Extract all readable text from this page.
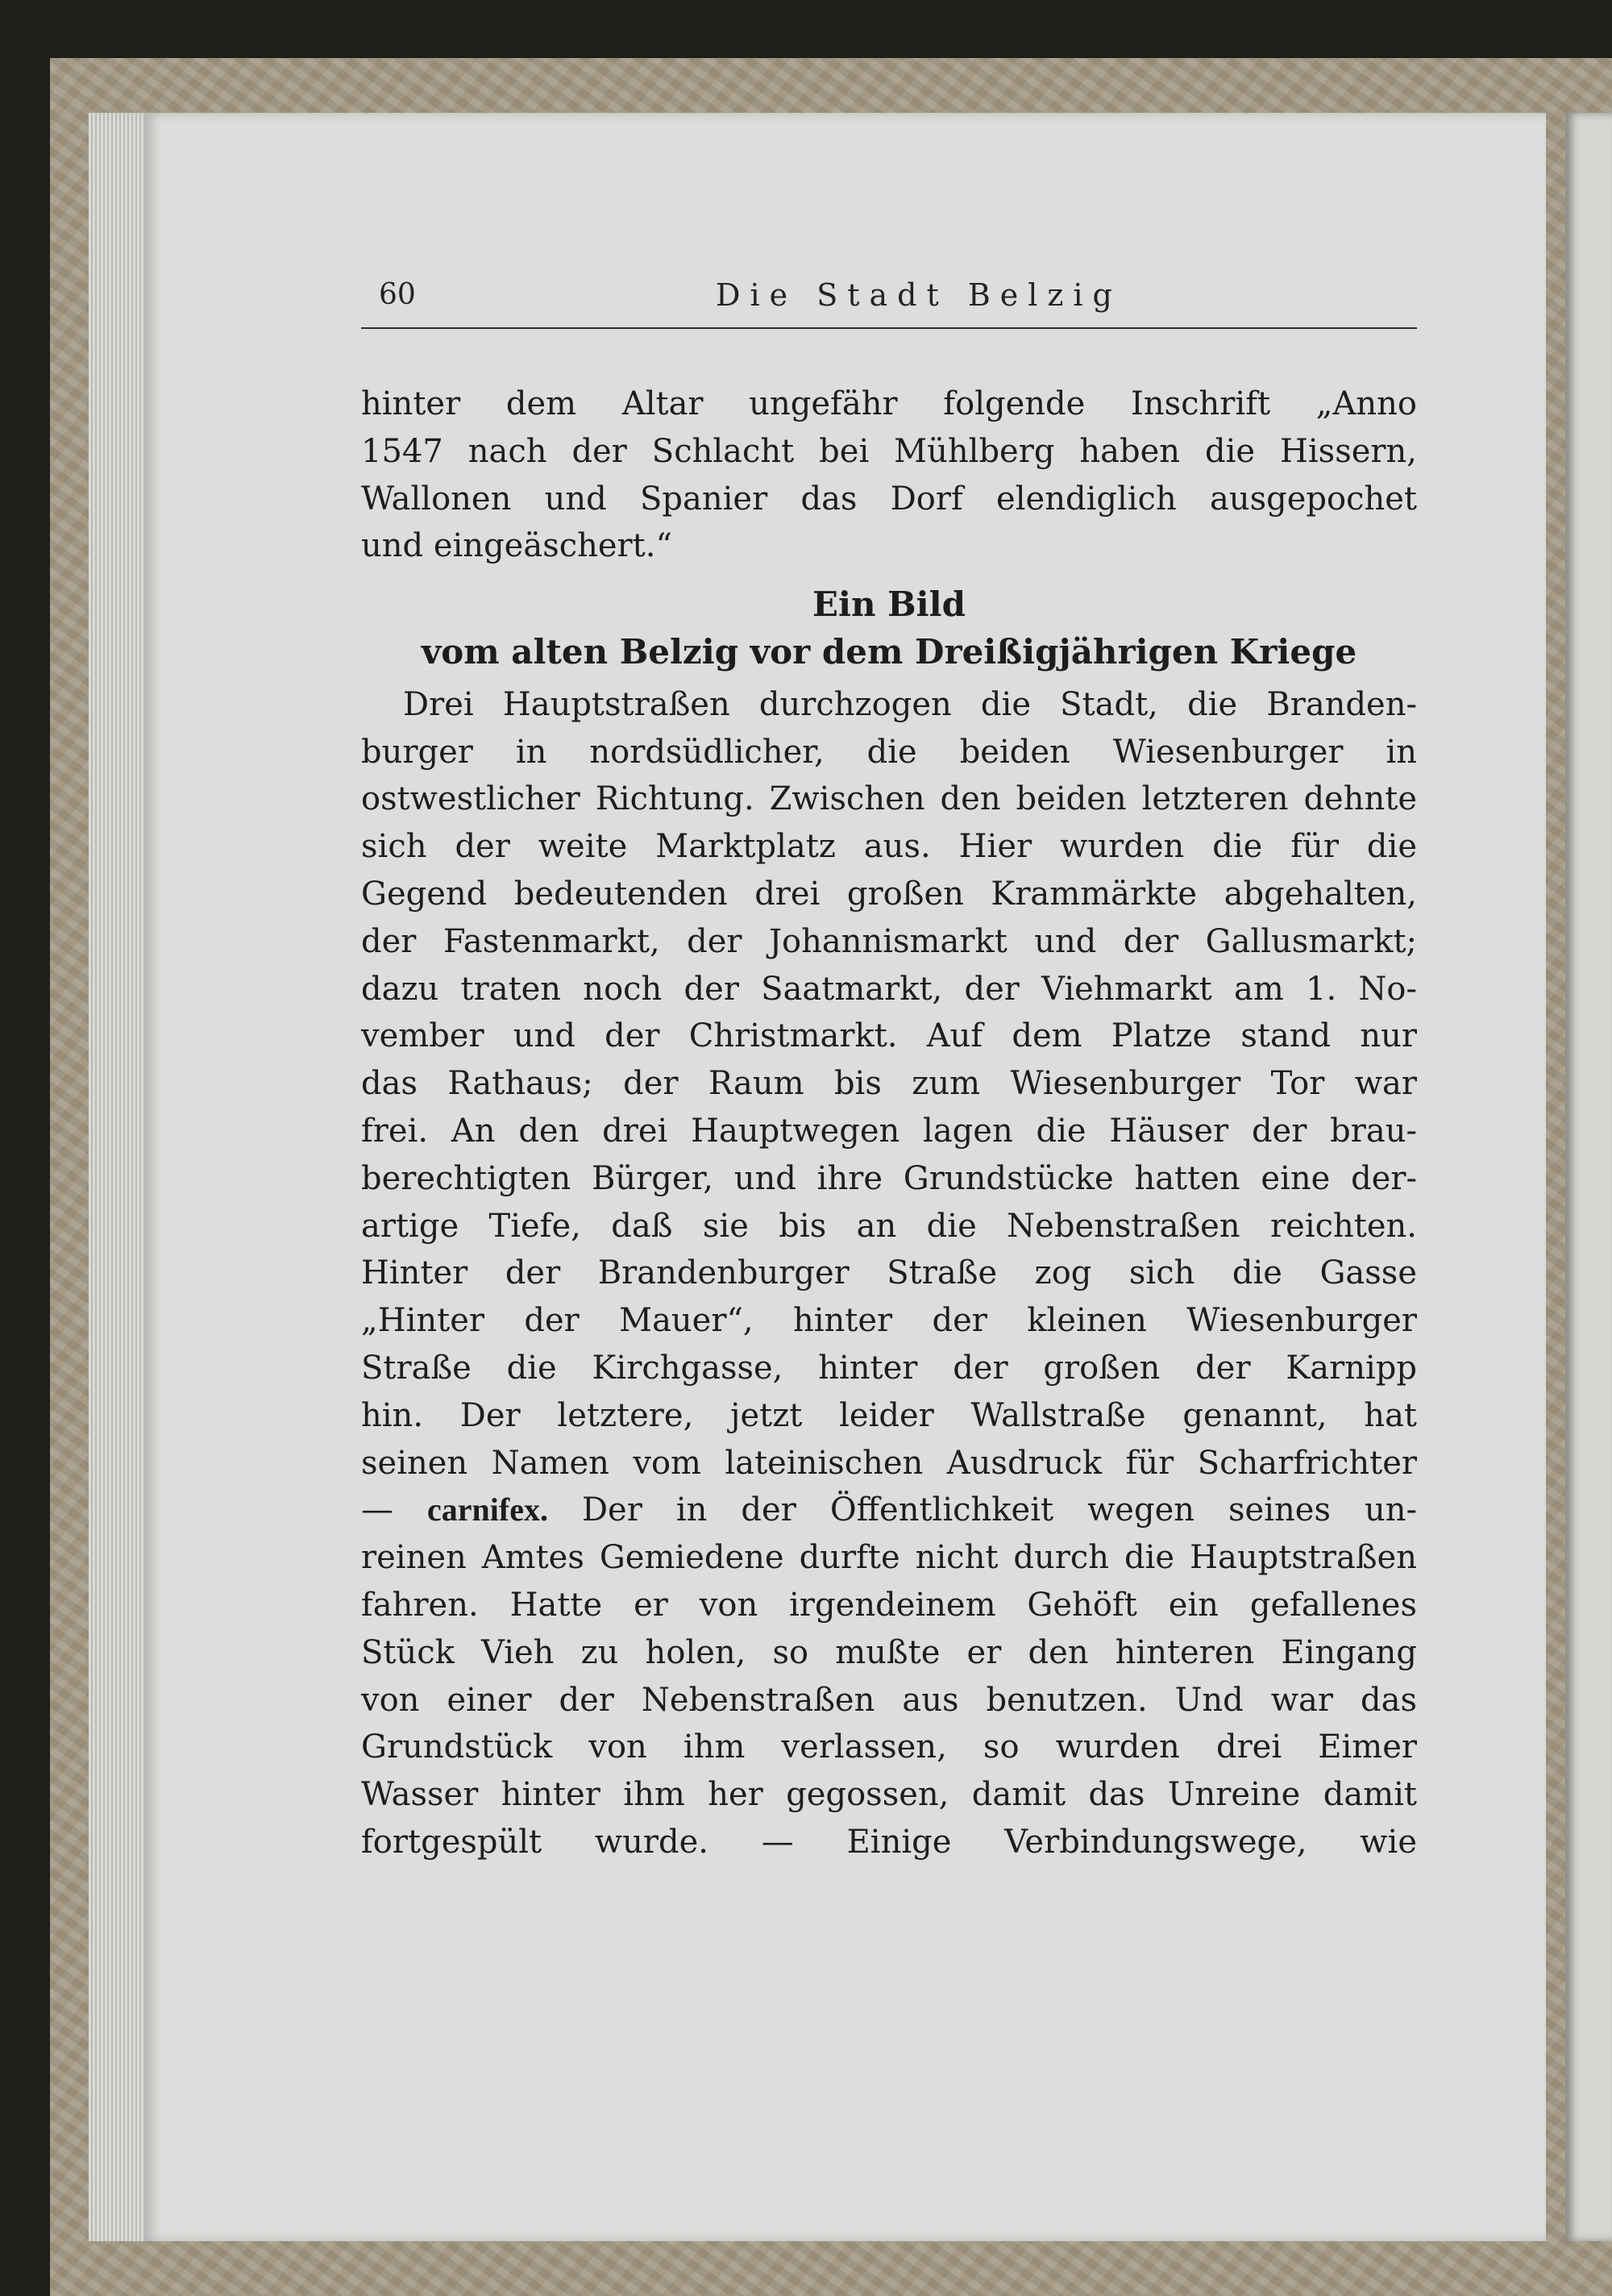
60	Die Stadt Belzig
hinter dem Altar ungefähr folgende Inschrift „Anno
1547 nach der Schlacht bei Mühlberg haben die Hissern,
Wallonen und Spanier das Dorf elendiglich ausgepochet
und eingeäschert.“
Ein Bild
vom alten Belzig vor dem Dreißigjährigen Kriege
Drei Hauptstraßen durchzogen die Stadt, die Branden-
burger in nordsüdlicher, die beiden Wiesenburger in
ostwestlicher Richtung. Zwischen den beiden letzteren dehnte
sich der weite Marktplatz aus. Hier wurden die für die
Gegend bedeutenden drei großen Krammärkte abgehalten,
der Fastenmarkt, der Johannismarkt und der Gallusmarkt;
dazu traten noch der Saatmarkt, der Viehmarkt am 1. No-
vember und der Christmarkt. Auf dem Platze stand nur
das Rathaus; der Raum bis zum Wiesenburger Tor war
frei. An den drei Hauptwegen lagen die Häuser der brau-
berechtigten Bürger, und ihre Grundstücke hatten eine der-
artige Tiefe, daß sie bis an die Nebenstraßen reichten.
Hinter der Brandenburger Straße zog sich die Gasse
„Hinter der Mauer“, hinter der kleinen Wiesenburger
Straße die Kirchgasse, hinter der großen der Karnipp
hin. Der letztere, jetzt leider Wallstraße genannt, hat
seinen Namen vom lateinischen Ausdruck für Scharfrichter
— carnifex. Der in der Öffentlichkeit wegen seines un-
reinen Amtes Gemiedene durfte nicht durch die Hauptstraßen
fahren. Hatte er von irgendeinem Gehöft ein gefallenes
Stück Vieh zu holen, so mußte er den hinteren Eingang
von einer der Nebenstraßen aus benutzen. Und war das
Grundstück von ihm verlassen, so wurden drei Eimer
Wasser hinter ihm her gegossen, damit das Unreine damit
fortgespült wurde. — Einige Verbindungswege, wie
